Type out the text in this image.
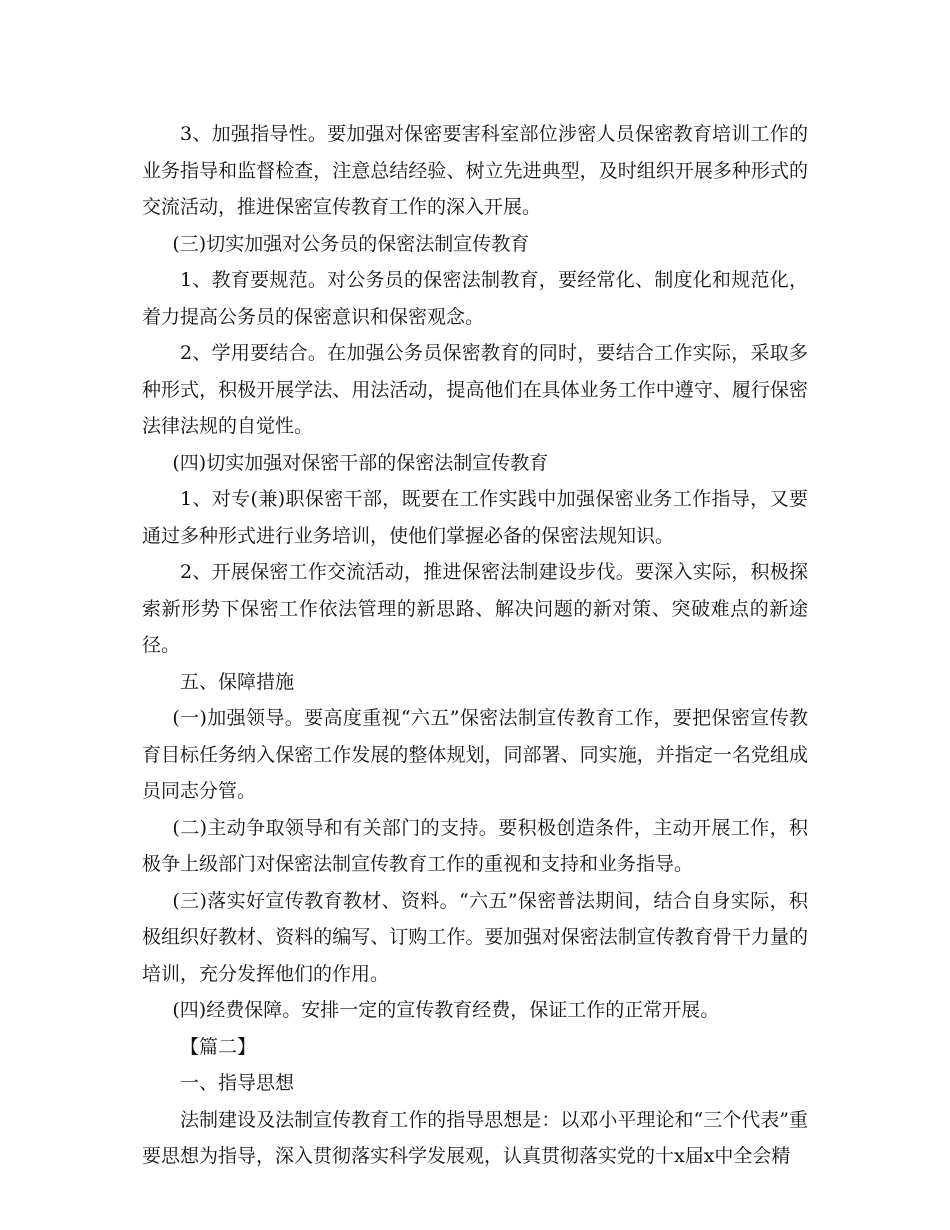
3、加强指导性。要加强对保密要害科室部位涉密人员保密教育培训工作的业务指导和监督检查，注意总结经验、树立先进典型，及时组织开展多种形式的交流活动，推进保密宣传教育工作的深入开展。

(三)切实加强对公务员的保密法制宣传教育

1、教育要规范。对公务员的保密法制教育，要经常化、制度化和规范化，着力提高公务员的保密意识和保密观念。

2、学用要结合。在加强公务员保密教育的同时，要结合工作实际，采取多种形式，积极开展学法、用法活动，提高他们在具体业务工作中遵守、履行保密法律法规的自觉性。

(四)切实加强对保密干部的保密法制宣传教育

1、对专(兼)职保密干部，既要在工作实践中加强保密业务工作指导，又要通过多种形式进行业务培训，使他们掌握必备的保密法规知识。

2、开展保密工作交流活动，推进保密法制建设步伐。要深入实际，积极探索新形势下保密工作依法管理的新思路、解决问题的新对策、突破难点的新途径。

五、保障措施

(一)加强领导。要高度重视“六五”保密法制宣传教育工作，要把保密宣传教育目标任务纳入保密工作发展的整体规划，同部署、同实施，并指定一名党组成员同志分管。

(二)主动争取领导和有关部门的支持。要积极创造条件，主动开展工作，积极争上级部门对保密法制宣传教育工作的重视和支持和业务指导。

(三)落实好宣传教育教材、资料。“六五”保密普法期间，结合自身实际，积极组织好教材、资料的编写、订购工作。要加强对保密法制宣传教育骨干力量的培训，充分发挥他们的作用。

(四)经费保障。安排一定的宣传教育经费，保证工作的正常开展。

【篇二】

一、指导思想

法制建设及法制宣传教育工作的指导思想是：以邓小平理论和“三个代表”重要思想为指导，深入贯彻落实科学发展观，认真贯彻落实党的十x届x中全会精
